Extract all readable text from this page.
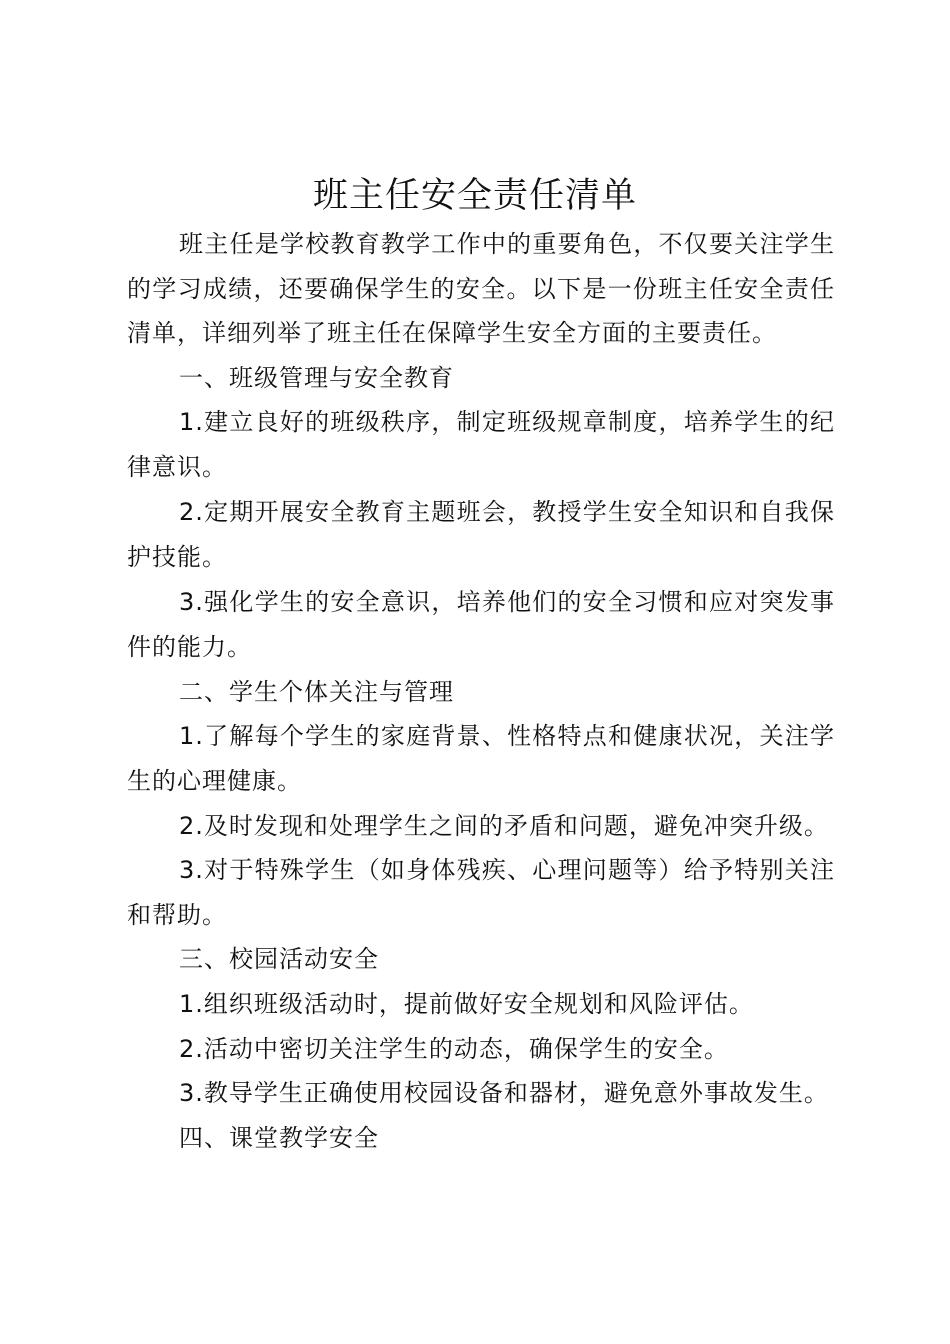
班主任安全责任清单

班主任是学校教育教学工作中的重要角色，不仅要关注学生的学习成绩，还要确保学生的安全。以下是一份班主任安全责任清单，详细列举了班主任在保障学生安全方面的主要责任。

一、班级管理与安全教育

1.建立良好的班级秩序，制定班级规章制度，培养学生的纪律意识。

2.定期开展安全教育主题班会，教授学生安全知识和自我保护技能。

3.强化学生的安全意识，培养他们的安全习惯和应对突发事件的能力。

二、学生个体关注与管理

1.了解每个学生的家庭背景、性格特点和健康状况，关注学生的心理健康。

2.及时发现和处理学生之间的矛盾和问题，避免冲突升级。

3.对于特殊学生（如身体残疾、心理问题等）给予特别关注和帮助。

三、校园活动安全

1.组织班级活动时，提前做好安全规划和风险评估。

2.活动中密切关注学生的动态，确保学生的安全。

3.教导学生正确使用校园设备和器材，避免意外事故发生。

四、课堂教学安全
